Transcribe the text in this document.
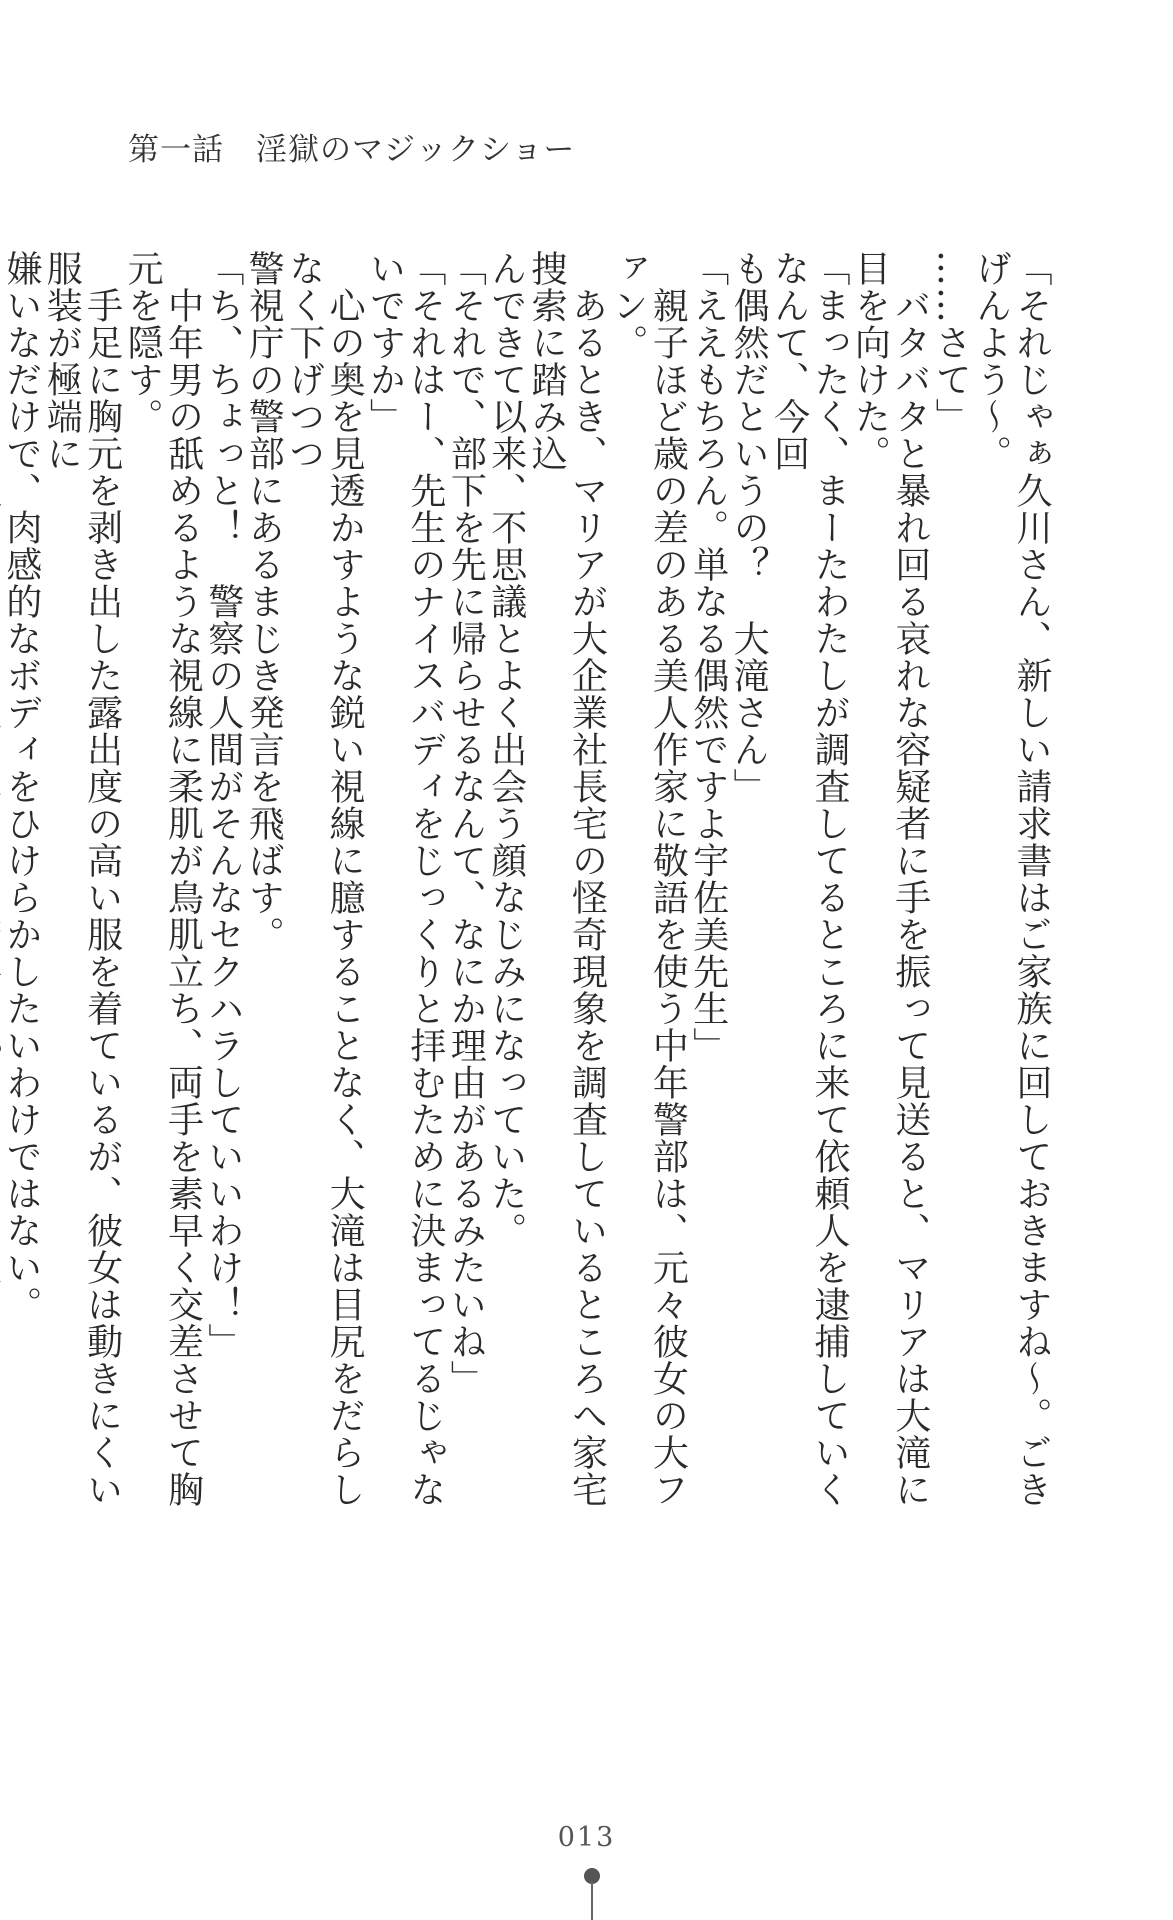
第一話　淫獄のマジックショー

「それじゃぁ久川さん、新しい請求書はご家族に回しておきますね～。ごきげんよう～。

……さて」

　バタバタと暴れ回る哀れな容疑者に手を振って見送ると、マリアは大滝に目を向けた。

「まったく、まーたわたしが調査してるところに来て依頼人を逮捕していくなんて、今回

も偶然だというの？　大滝さん」

「ええもちろん。単なる偶然ですよ宇佐美先生」

　親子ほど歳の差のある美人作家に敬語を使う中年警部は、元々彼女の大ファン。

　あるとき、マリアが大企業社長宅の怪奇現象を調査しているところへ家宅捜索に踏み込

んできて以来、不思議とよく出会う顔なじみになっていた。

「それで、部下を先に帰らせるなんて、なにか理由があるみたいね」

「それはー、先生のナイスバディをじっくりと拝むために決まってるじゃないですか」

　心の奥を見透かすような鋭い視線に臆することなく、大滝は目尻をだらしなく下げつつ

警視庁の警部にあるまじき発言を飛ばす。

「ち、ちょっと！　警察の人間がそんなセクハラしていいわけ！」

　中年男の舐めるような視線に柔肌が鳥肌立ち、両手を素早く交差させて胸元を隠す。

　手足に胸元を剥き出した露出度の高い服を着ているが、彼女は動きにくい服装が極端に

嫌いなだけで、肉感的なボディをひけらかしたいわけではない。

013
